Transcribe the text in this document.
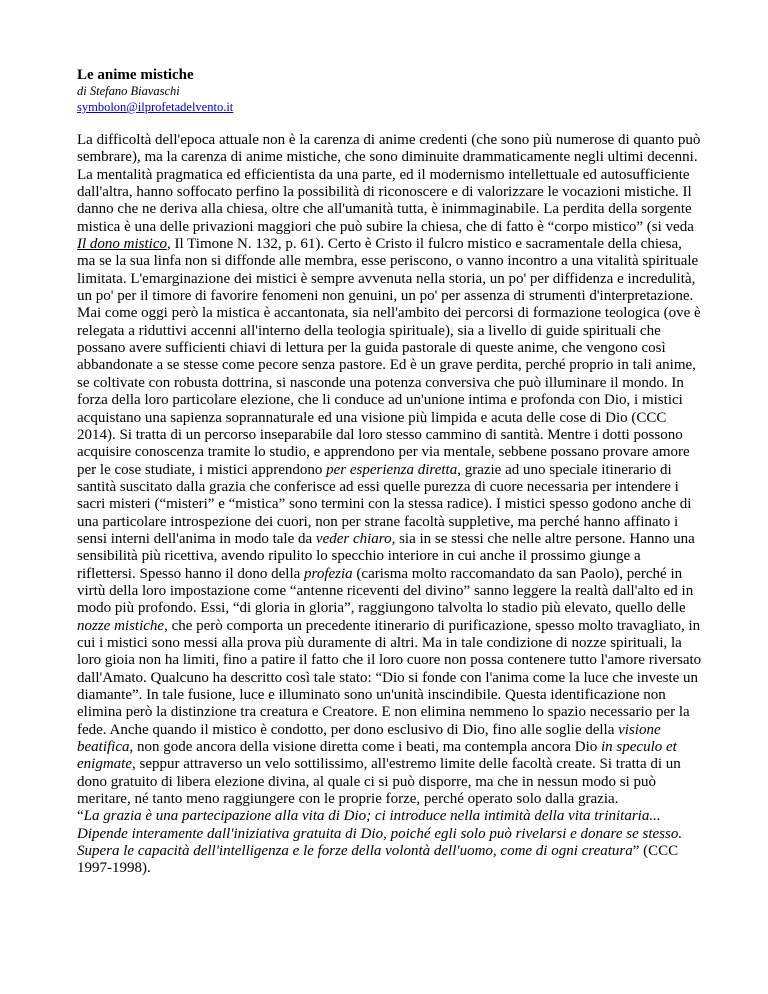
Le anime mistiche

di Stefano Biavaschi

symbolon@ilprofetadelvento.it

La difficoltà dell'epoca attuale non è la carenza di anime credenti (che sono più numerose di quanto può sembrare), ma la carenza di anime mistiche, che sono diminuite drammaticamente negli ultimi decenni. La mentalità pragmatica ed efficientista da una parte, ed il modernismo intellettuale ed autosufficiente dall'altra, hanno soffocato perfino la possibilità di riconoscere e di valorizzare le vocazioni mistiche. Il danno che ne deriva alla chiesa, oltre che all'umanità tutta, è inimmaginabile. La perdita della sorgente mistica è una delle privazioni maggiori che può subire la chiesa, che di fatto è “corpo mistico” (si veda Il dono mistico, Il Timone N. 132, p. 61). Certo è Cristo il fulcro mistico e sacramentale della chiesa, ma se la sua linfa non si diffonde alle membra, esse periscono, o vanno incontro a una vitalità spirituale limitata. L'emarginazione dei mistici è sempre avvenuta nella storia, un po' per diffidenza e incredulità, un po' per il timore di favorire fenomeni non genuini, un po' per assenza di strumenti d'interpretazione. Mai come oggi però la mistica è accantonata, sia nell'ambito dei percorsi di formazione teologica (ove è relegata a riduttivi accenni all'interno della teologia spirituale), sia a livello di guide spirituali che possano avere sufficienti chiavi di lettura per la guida pastorale di queste anime, che vengono così abbandonate a se stesse come pecore senza pastore. Ed è un grave perdita, perché proprio in tali anime, se coltivate con robusta dottrina, si nasconde una potenza conversiva che può illuminare il mondo. In forza della loro particolare elezione, che li conduce ad un'unione intima e profonda con Dio, i mistici acquistano una sapienza soprannaturale ed una visione più limpida e acuta delle cose di Dio (CCC 2014). Si tratta di un percorso inseparabile dal loro stesso cammino di santità. Mentre i dotti possono acquisire conoscenza tramite lo studio, e apprendono per via mentale, sebbene possano provare amore per le cose studiate, i mistici apprendono per esperienza diretta, grazie ad uno speciale itinerario di santità suscitato dalla grazia che conferisce ad essi quelle purezza di cuore necessaria per intendere i sacri misteri (“misteri” e “mistica” sono termini con la stessa radice). I mistici spesso godono anche di una particolare introspezione dei cuori, non per strane facoltà suppletive, ma perché hanno affinato i sensi interni dell'anima in modo tale da veder chiaro, sia in se stessi che nelle altre persone. Hanno una sensibilità più ricettiva, avendo ripulito lo specchio interiore in cui anche il prossimo giunge a riflettersi. Spesso hanno il dono della profezia (carisma molto raccomandato da san Paolo), perché in virtù della loro impostazione come “antenne riceventi del divino” sanno leggere la realtà dall'alto ed in modo più profondo. Essi, “di gloria in gloria”, raggiungono talvolta lo stadio più elevato, quello delle nozze mistiche, che però comporta un precedente itinerario di purificazione, spesso molto travagliato, in cui i mistici sono messi alla prova più duramente di altri. Ma in tale condizione di nozze spirituali, la loro gioia non ha limiti, fino a patire il fatto che il loro cuore non possa contenere tutto l'amore riversato dall'Amato. Qualcuno ha descritto così tale stato: “Dio si fonde con l'anima come la luce che investe un diamante”. In tale fusione, luce e illuminato sono un'unità inscindibile. Questa identificazione non elimina però la distinzione tra creatura e Creatore. E non elimina nemmeno lo spazio necessario per la fede. Anche quando il mistico è condotto, per dono esclusivo di Dio, fino alle soglie della visione beatifica, non gode ancora della visione diretta come i beati, ma contempla ancora Dio in speculo et enigmate, seppur attraverso un velo sottilissimo, all'estremo limite delle facoltà create. Si tratta di un dono gratuito di libera elezione divina, al quale ci si può disporre, ma che in nessun modo si può meritare, né tanto meno raggiungere con le proprie forze, perché operato solo dalla grazia.
“La grazia è una partecipazione alla vita di Dio; ci introduce nella intimità della vita trinitaria... Dipende interamente dall'iniziativa gratuita di Dio, poiché egli solo può rivelarsi e donare se stesso. Supera le capacità dell'intelligenza e le forze della volontà dell'uomo, come di ogni creatura” (CCC 1997-1998).
